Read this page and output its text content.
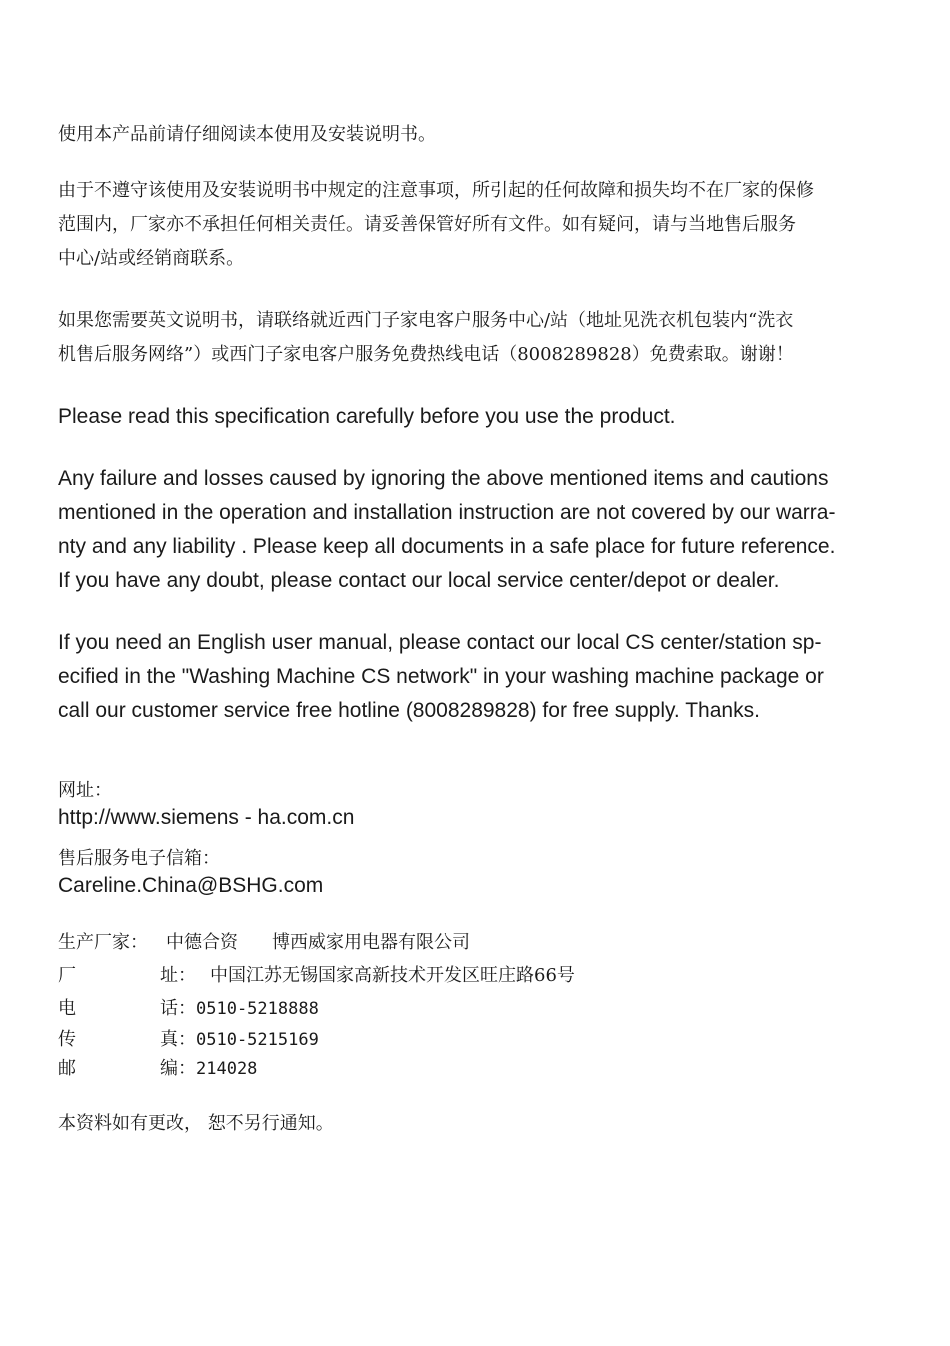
使用本产品前请仔细阅读本使用及安装说明书。

由于不遵守该使用及安装说明书中规定的注意事项，所引起的任何故障和损失均不在厂家的保修
范围内，厂家亦不承担任何相关责任。请妥善保管好所有文件。如有疑问，请与当地售后服务
中心/站或经销商联系。

如果您需要英文说明书，请联络就近西门子家电客户服务中心/站（地址见洗衣机包装内“洗衣
机售后服务网络”）或西门子家电客户服务免费热线电话（8008289828）免费索取。谢谢！

Please read this specification carefully before you use the product.

Any failure and losses caused by ignoring the above mentioned items and cautions
mentioned in the operation and installation instruction are not covered by our warra-
nty and any liability . Please keep all documents in a safe place for future reference.
If you have any doubt, please contact our local service center/depot or dealer.

If you need an English user manual, please contact our local CS center/station sp-
ecified in the "Washing Machine CS network" in your washing machine package or
call our customer service free hotline (8008289828) for free supply. Thanks.

网址：

http://www.siemens - ha.com.cn

售后服务电子信箱：

Careline.China@BSHG.com

生产厂家： 中德合资 博西威家用电器有限公司
厂	址： 中国江苏无锡国家高新技术开发区旺庄路66号
电	话： 0510-5218888
传	真： 0510-5215169
邮	编： 214028

本资料如有更改， 恕不另行通知。
